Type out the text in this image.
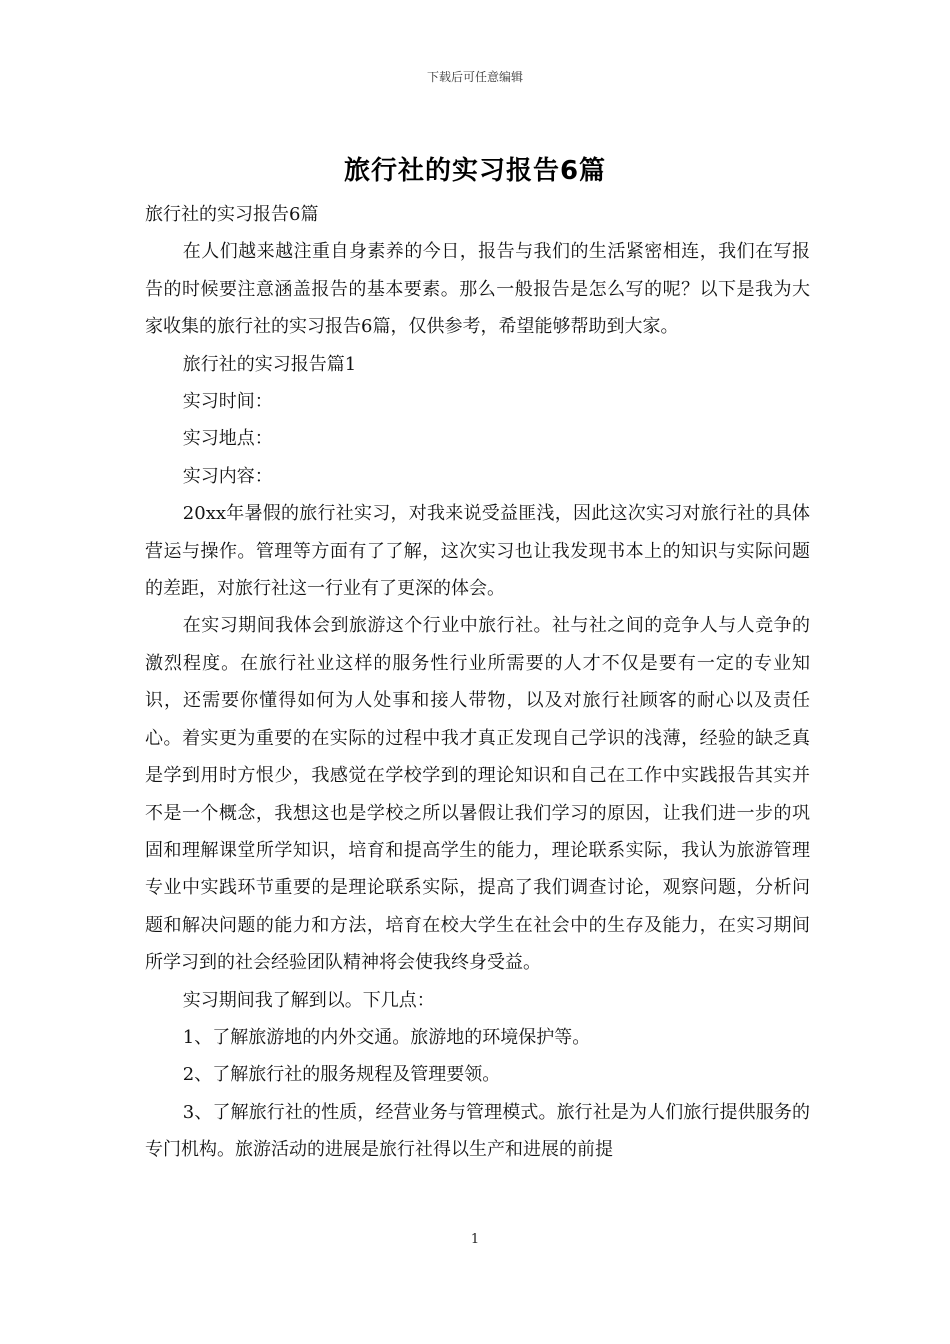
下载后可任意编辑
旅行社的实习报告6篇

旅行社的实习报告6篇

在人们越来越注重自身素养的今日，报告与我们的生活紧密相连，我们在写报告的时候要注意涵盖报告的基本要素。那么一般报告是怎么写的呢？以下是我为大家收集的旅行社的实习报告6篇，仅供参考，希望能够帮助到大家。

旅行社的实习报告篇1

实习时间：

实习地点：

实习内容：

20xx年暑假的旅行社实习，对我来说受益匪浅，因此这次实习对旅行社的具体营运与操作。管理等方面有了了解，这次实习也让我发现书本上的知识与实际问题的差距，对旅行社这一行业有了更深的体会。

在实习期间我体会到旅游这个行业中旅行社。社与社之间的竞争人与人竞争的激烈程度。在旅行社业这样的服务性行业所需要的人才不仅是要有一定的专业知识，还需要你懂得如何为人处事和接人带物，以及对旅行社顾客的耐心以及责任心。着实更为重要的在实际的过程中我才真正发现自己学识的浅薄，经验的缺乏真是学到用时方恨少，我感觉在学校学到的理论知识和自己在工作中实践报告其实并不是一个概念，我想这也是学校之所以暑假让我们学习的原因，让我们进一步的巩固和理解课堂所学知识，培育和提高学生的能力，理论联系实际，我认为旅游管理专业中实践环节重要的是理论联系实际，提高了我们调查讨论，观察问题，分析问题和解决问题的能力和方法，培育在校大学生在社会中的生存及能力，在实习期间所学习到的社会经验团队精神将会使我终身受益。

实习期间我了解到以。下几点：

1、了解旅游地的内外交通。旅游地的环境保护等。

2、了解旅行社的服务规程及管理要领。

3、了解旅行社的性质，经营业务与管理模式。旅行社是为人们旅行提供服务的专门机构。旅游活动的进展是旅行社得以生产和进展的前提

1
